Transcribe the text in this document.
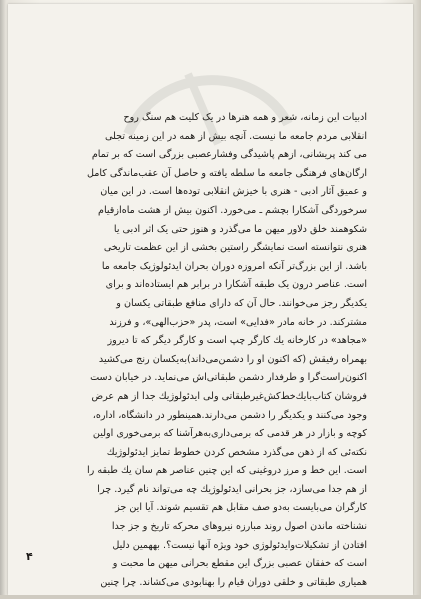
ادبیات این زمانه، شعر و همه هنرها در یک کلیت هم سنگ روح
انقلابی مردم جامعه ما نیست. آنچه بیش از همه در این زمینه تجلی
می کند پریشانی، ازهم پاشیدگی وفشارعصبی بزرگی است که بر تمام
ارگان‌های فرهنگی جامعه ما سلطه یافته و حاصل آن عقب‌ماندگی کامل
و عمیق آثار ادبی - هنری با خیزش انقلابی توده‌ها است. در این میان
سرخوردگی آشکارا بچشم ـ می‌خورد. اکنون بیش از هشت ماه‌ازقیام
شکوهمند خلق دلاور میهن ما می‌گذرد و هنوز حتی یک اثر ادبی یا
هنری نتوانسته است نمایشگر راستین بخشی از این عظمت تاریخی
باشد. از این بزرگ‌تر آنکه امروزه دوران بحران ایدئولوژیک جامعه ما
است. عناصر درون یک طبقه آشکارا در برابر هم ایستاده‌اند و برای
یکدیگر رجز می‌خوانند. حال آن که دارای منافع طبقاتی یکسان و
مشترکند. در خانه مادر «فدایی» است، پدر «حزب‌الهی»، و فرزند
«مجاهد» در کارخانه یك کارگر چپ است و کارگر دیگر که تا دیروز
بهمراه رفیقش (که اکنون او را دشمن‌می‌داند)به‌یکسان رنج می‌کشید
اکنون‌راست‌گرا و طرفدار دشمن طبقاتی‌اش می‌نماید. در خیابان دست
فروشان کتاب‌بایك‌خط‌کش‌غیرطبقاتی ولی ایدئولوژیك جدا از هم عرض
وجود می‌کنند و یکدیگر را دشمن می‌دارند.همینطور در دانشگاه، اداره،
کوچه و بازار در هر قدمی که برمی‌داری‌به‌هرآشنا که برمی‌خوری اولین
نکته‌ئی که از ذهن می‌گذرد مشخص کردن خطوط تمایز ایدئولوژیك
است. این خط و مرز دروغینی که این چنین عناصر هم سان یك طبقه را
از هم جدا می‌سازد، جز بحرانی ایدئولوژیك چه می‌تواند نام گیرد. چرا
کارگران می‌بایست به‌دو صف مقابل هم تقسیم شوند. آیا این جز
نشناخته ماندن اصول روند مبارزه نیروهای محرکه تاریخ و جز جدا
افتادن از تشکیلات‌وایدئولوژی خود ویژه آنها نیست؟. بههمین دلیل
است که خفقان عصبی بزرگ این مقطع بحرانی میهن ما محبت و
همیاری طبقاتی و خلقی دوران قیام را بهنابودی می‌کشاند. چرا چنین
۴
